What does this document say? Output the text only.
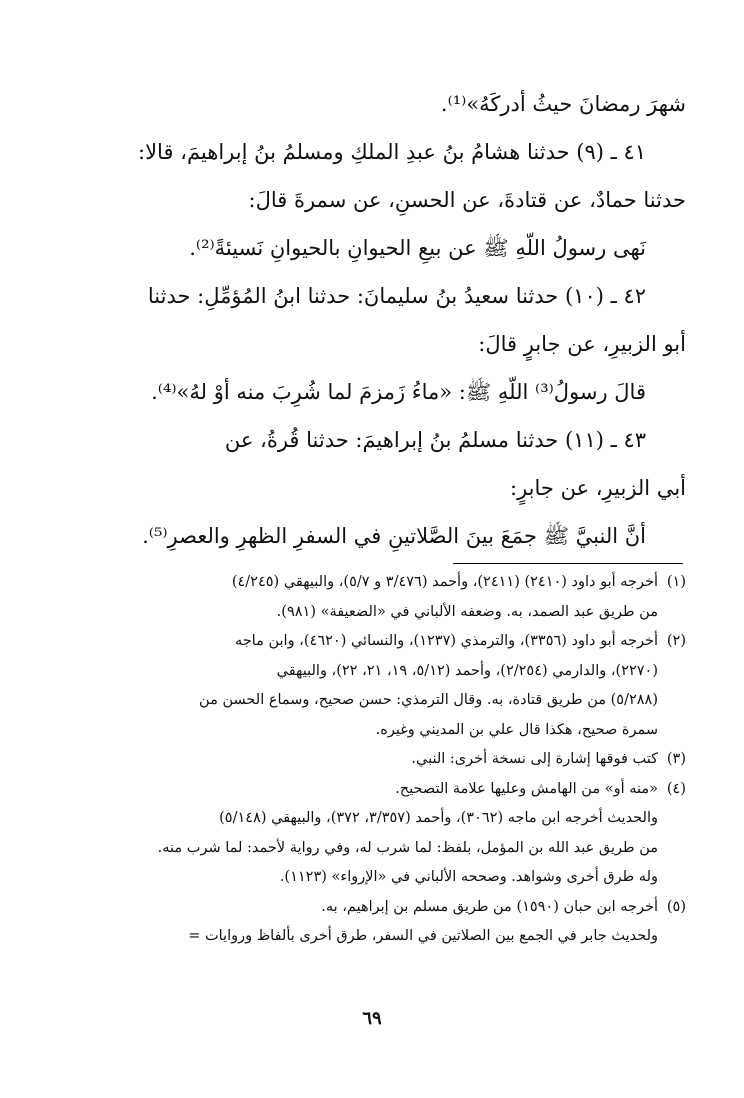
شهرَ رمضانَ حيثُ أدركَهُ»⁽¹⁾.

٤١ ـ (٩) حدثنا هشامُ بنُ عبدِ الملكِ ومسلمُ بنُ إبراهيمَ، قالا:

حدثنا حمادٌ، عن قتادةَ، عن الحسنِ، عن سمرةَ قالَ:

نَهى رسولُ اللّهِ ﷺ عن بيعِ الحيوانِ بالحيوانِ نَسيئةً⁽²⁾.

٤٢ ـ (١٠) حدثنا سعيدُ بنُ سليمانَ: حدثنا ابنُ المُؤمِّلِ: حدثنا

أبو الزبيرِ، عن جابرٍ قالَ:

قالَ رسولُ⁽³⁾ اللّهِ ﷺ: «ماءُ زَمزمَ لما شُرِبَ منه أوْ لهُ»⁽⁴⁾.

٤٣ ـ (١١) حدثنا مسلمُ بنُ إبراهيمَ: حدثنا قُرةُ، عن

أبي الزبيرِ، عن جابرٍ:

أنَّ النبيَّ ﷺ جمَعَ بينَ الصَّلاتينِ في السفرِ الظهرِ والعصرِ⁽⁵⁾.

(١)
أخرجه أبو داود (٢٤١٠) (٢٤١١)، وأحمد (٣/٤٧٦ و ٥/٧)، والبيهقي (٤/٢٤٥)
من طريق عبد الصمد، به. وضعفه الألباني في «الضعيفة» (٩٨١).
(٢)
أخرجه أبو داود (٣٣٥٦)، والترمذي (١٢٣٧)، والنسائي (٤٦٢٠)، وابن ماجه
(٢٢٧٠)، والدارمي (٢/٢٥٤)، وأحمد (٥/١٢، ١٩، ٢١، ٢٢)، والبيهقي
(٥/٢٨٨) من طريق قتادة، به. وقال الترمذي: حسن صحيح، وسماع الحسن من
سمرة صحيح، هكذا قال علي بن المديني وغيره.
(٣)
كتب فوقها إشارة إلى نسخة أخرى: النبي.
(٤)
«منه أو» من الهامش وعليها علامة التصحيح.
والحديث أخرجه ابن ماجه (٣٠٦٢)، وأحمد (٣/٣٥٧، ٣٧٢)، والبيهقي (٥/١٤٨)
من طريق عبد الله بن المؤمل، بلفظ: لما شرب له، وفي رواية لأحمد: لما شرب منه.
وله طرق أخرى وشواهد. وصححه الألباني في «الإرواء» (١١٢٣).
(٥)
أخرجه ابن حبان (١٥٩٠) من طريق مسلم بن إبراهيم، به.
ولحديث جابر في الجمع بين الصلاتين في السفر، طرق أخرى بألفاظ وروايات =
٦٩
